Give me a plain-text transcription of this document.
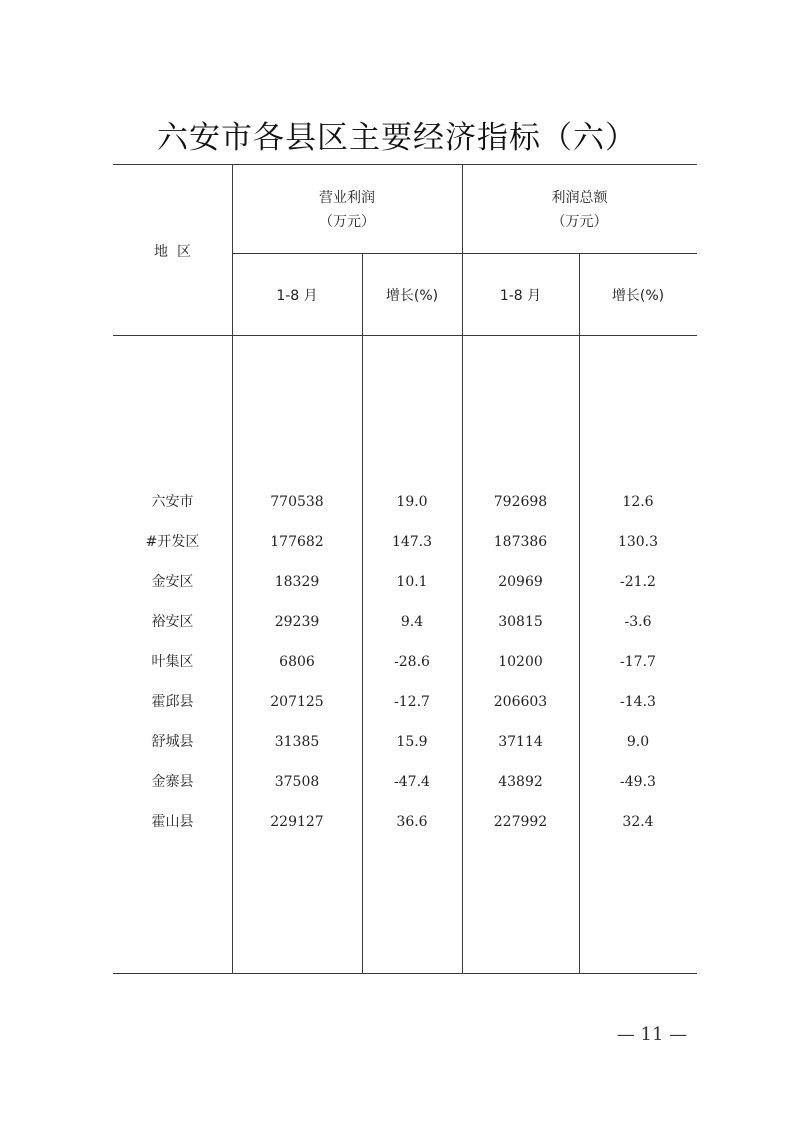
六安市各县区主要经济指标（六）
地  区
营业利润
（万元）
利润总额
（万元）
1-8 月	增长(%)	1-8 月	增长(%)
六安市	770538	19.0	792698	12.6
#开发区	177682	147.3	187386	130.3
金安区	18329	10.1	20969	-21.2
裕安区	29239	9.4	30815	-3.6
叶集区	6806	-28.6	10200	-17.7
霍邱县	207125	-12.7	206603	-14.3
舒城县	31385	15.9	37114	9.0
金寨县	37508	-47.4	43892	-49.3
霍山县	229127	36.6	227992	32.4
— 11 —
